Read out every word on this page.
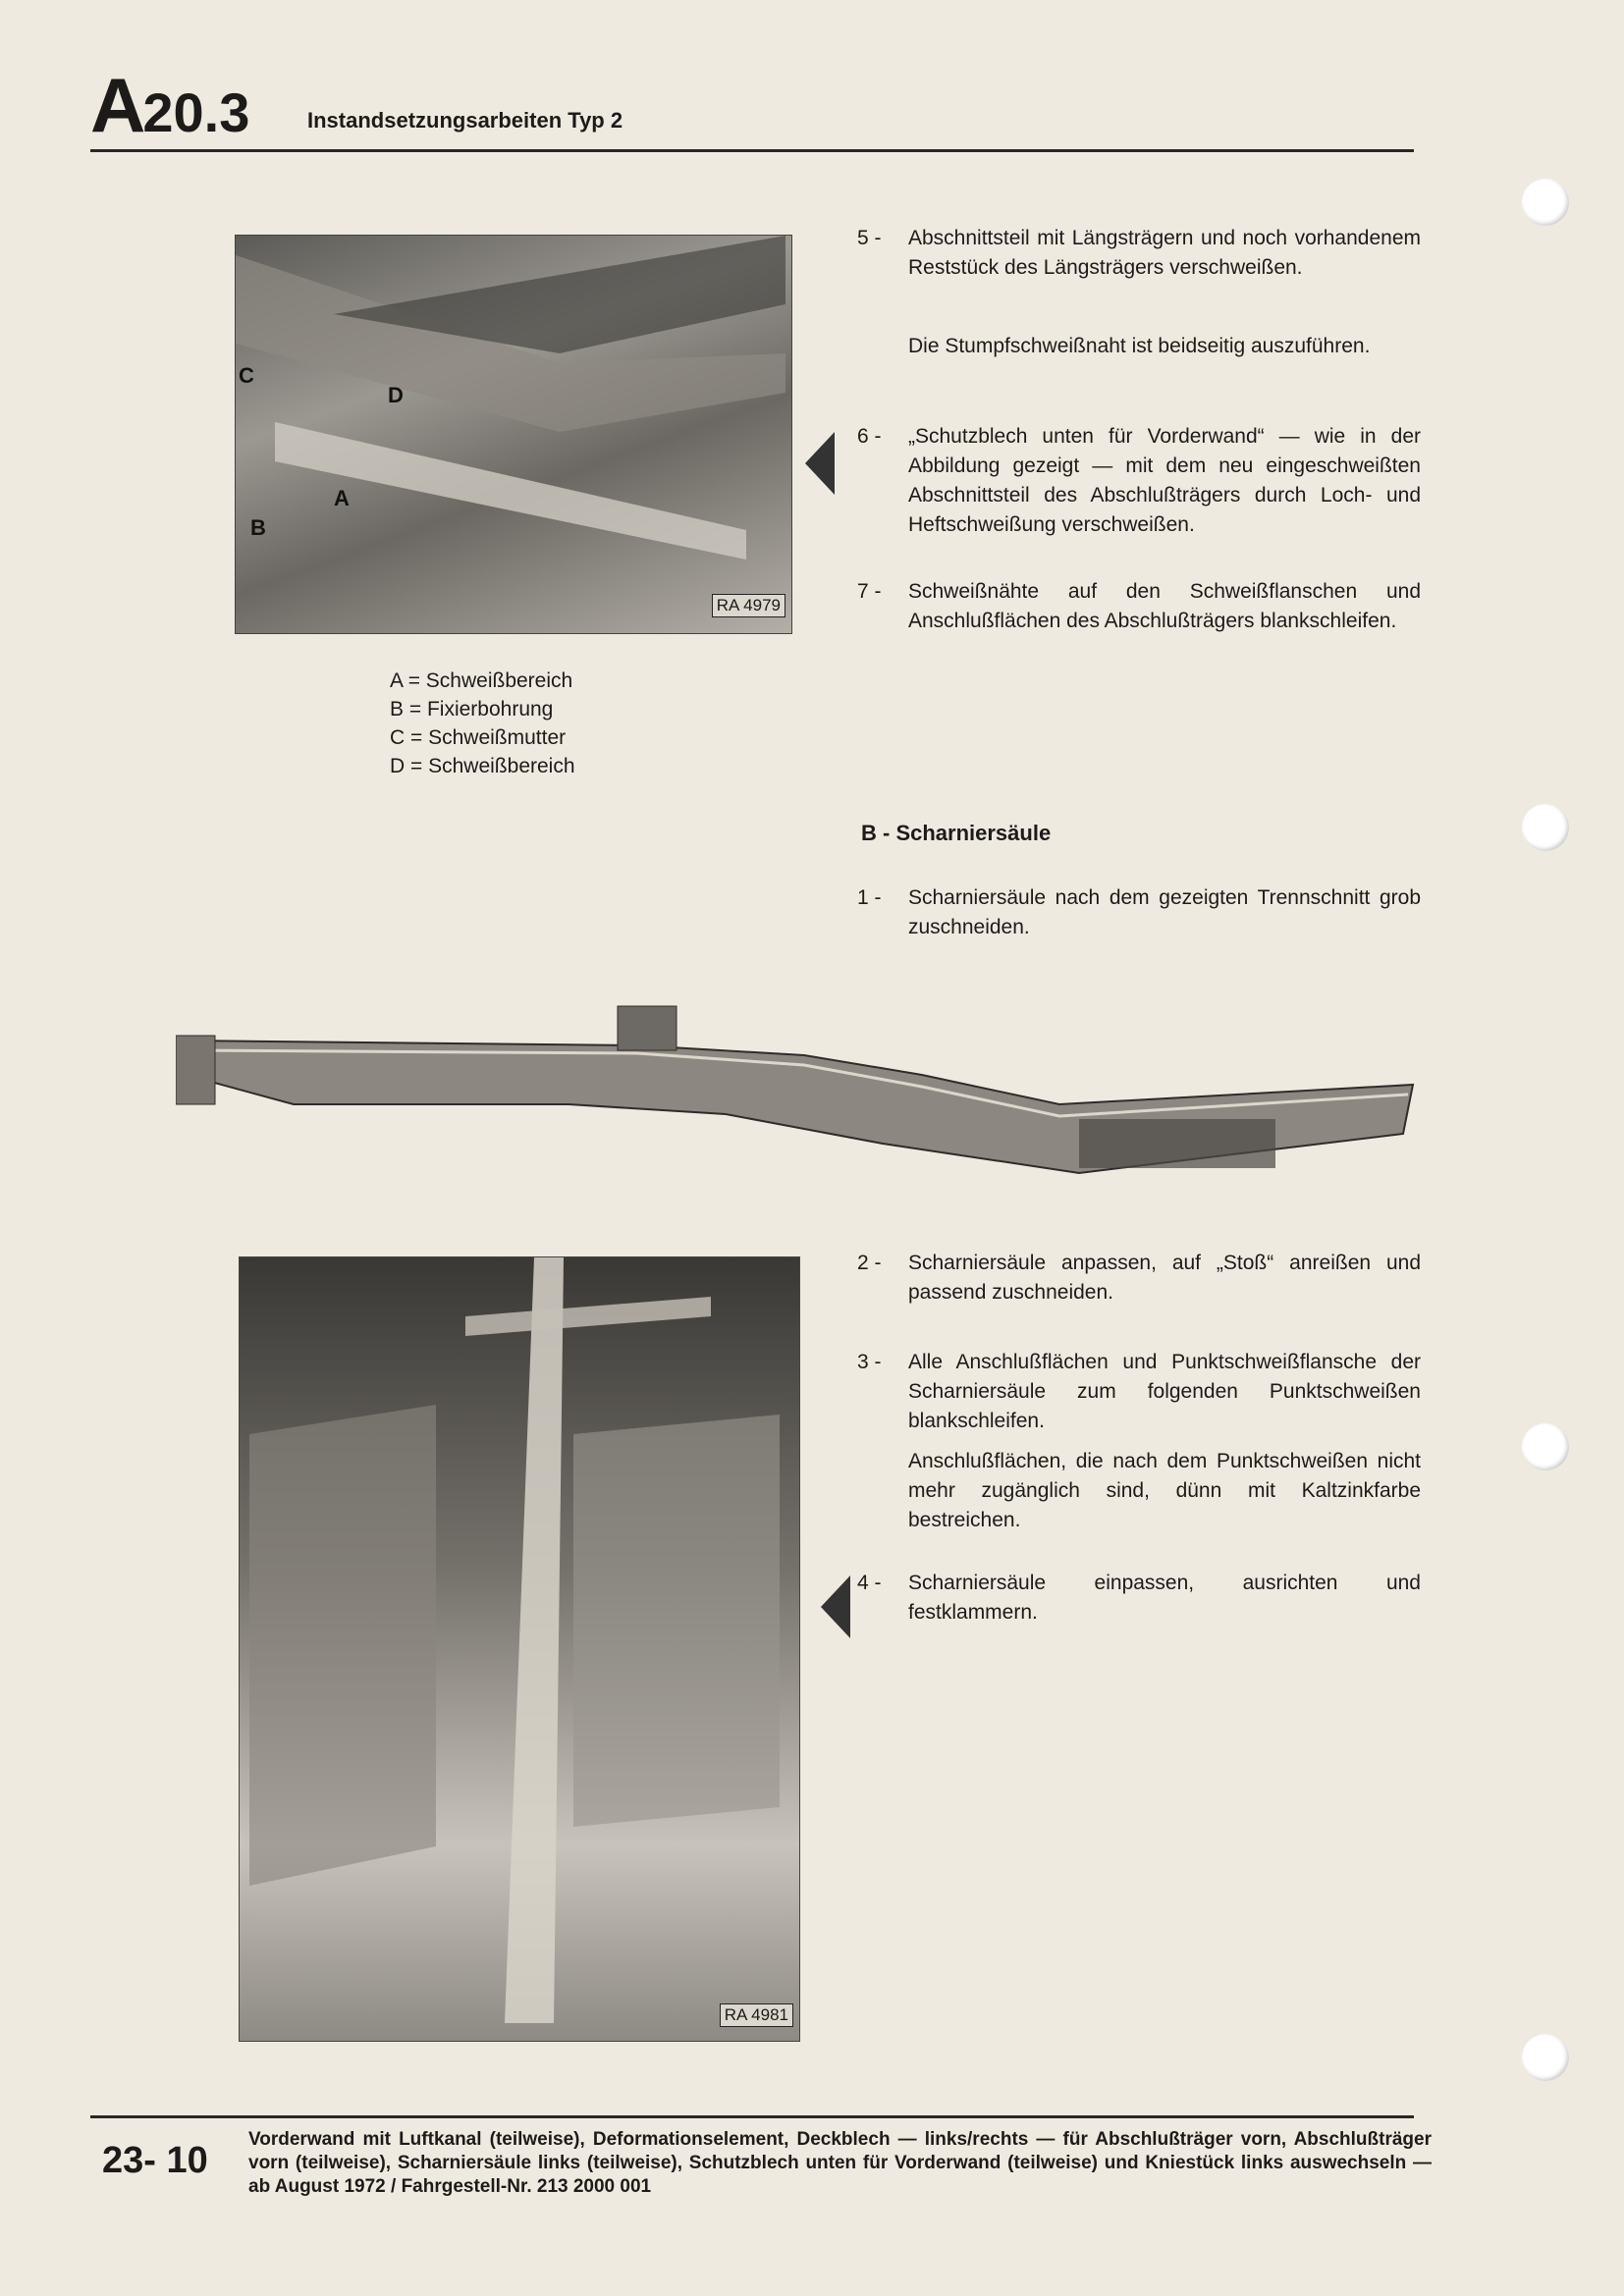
A20.3	Instandsetzungsarbeiten Typ 2
C
D
B
A
RA 4979
A = Schweißbereich
B = Fixierbohrung
C = Schweißmutter
D = Schweißbereich
5 -	Abschnittsteil mit Längsträgern und noch vorhandenem Reststück des Längsträgers verschweißen.
Die Stumpfschweißnaht ist beidseitig auszuführen.
6 -	„Schutzblech unten für Vorderwand“ — wie in der Abbildung gezeigt — mit dem neu eingeschweißten Abschnittsteil des Abschlußträgers durch Loch- und Heftschweißung verschweißen.
7 -	Schweißnähte auf den Schweißflanschen und Anschlußflächen des Abschlußträgers blankschleifen.
B - Scharniersäule
1 -	Scharniersäule nach dem gezeigten Trennschnitt grob zuschneiden.
RA 4981
2 -	Scharniersäule anpassen, auf „Stoß“ anreißen und passend zuschneiden.
3 -	Alle Anschlußflächen und Punktschweißflansche der Scharniersäule zum folgenden Punktschweißen blankschleifen.
Anschlußflächen, die nach dem Punktschweißen nicht mehr zugänglich sind, dünn mit Kaltzinkfarbe bestreichen.
4 -	Scharniersäule einpassen, ausrichten und festklammern.
23- 10
Vorderwand mit Luftkanal (teilweise), Deformationselement, Deckblech — links/rechts — für Abschlußträger vorn, Abschlußträger vorn (teilweise), Scharniersäule links (teilweise), Schutzblech unten für Vorderwand (teilweise) und Kniestück links auswechseln — ab August 1972 / Fahrgestell-Nr. 213 2000 001
